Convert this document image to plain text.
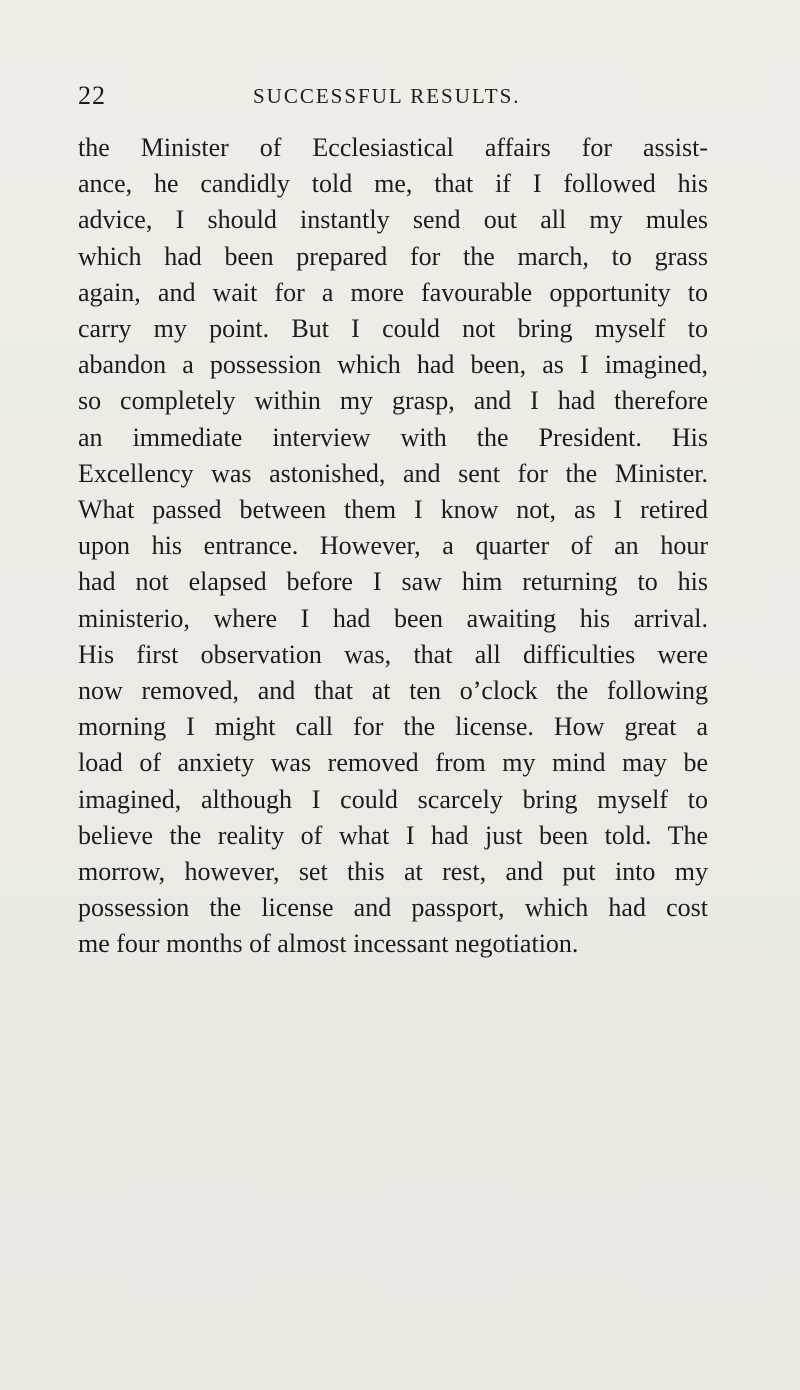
22	SUCCESSFUL RESULTS.
the Minister of Ecclesiastical affairs for assist-
ance, he candidly told me, that if I followed his
advice, I should instantly send out all my mules
which had been prepared for the march, to grass
again, and wait for a more favourable opportunity to
carry my point. But I could not bring myself to
abandon a possession which had been, as I imagined,
so completely within my grasp, and I had therefore
an immediate interview with the President. His
Excellency was astonished, and sent for the Minister.
What passed between them I know not, as I retired
upon his entrance. However, a quarter of an hour
had not elapsed before I saw him returning to his
ministerio, where I had been awaiting his arrival.
His first observation was, that all difficulties were
now removed, and that at ten o’clock the following
morning I might call for the license. How great a
load of anxiety was removed from my mind may be
imagined, although I could scarcely bring myself to
believe the reality of what I had just been told. The
morrow, however, set this at rest, and put into my
possession the license and passport, which had cost
me four months of almost incessant negotiation.
